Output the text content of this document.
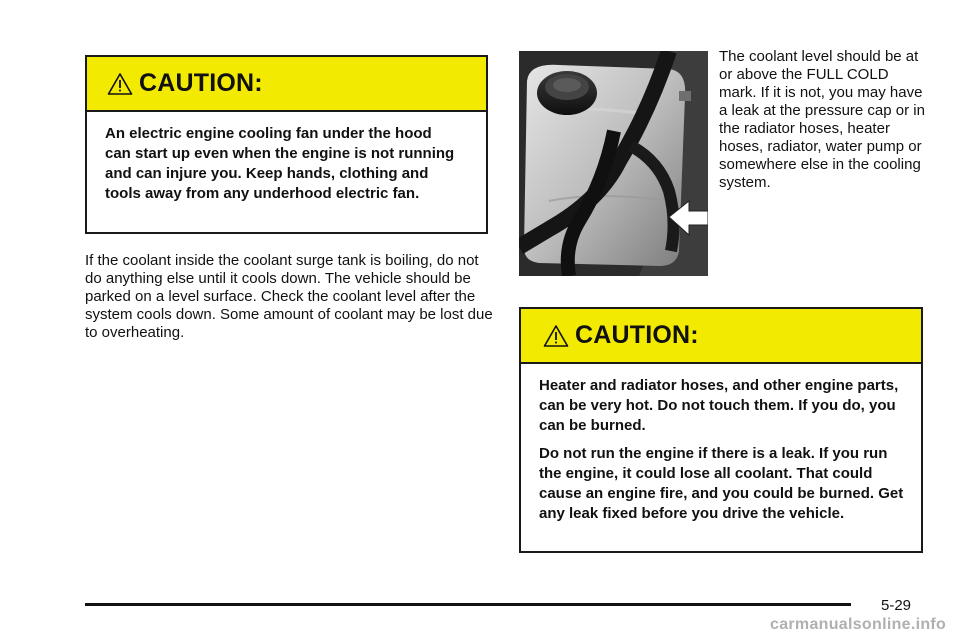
CAUTION:

An electric engine cooling fan under the hood can start up even when the engine is not running and can injure you. Keep hands, clothing and tools away from any underhood electric fan.

If the coolant inside the coolant surge tank is boiling, do not do anything else until it cools down. The vehicle should be parked on a level surface. Check the coolant level after the system cools down. Some amount of coolant may be lost due to overheating.

The coolant level should be at or above the FULL COLD mark. If it is not, you may have a leak at the pressure cap or in the radiator hoses, heater hoses, radiator, water pump or somewhere else in the cooling system.

CAUTION:

Heater and radiator hoses, and other engine parts, can be very hot. Do not touch them. If you do, you can be burned.

Do not run the engine if there is a leak. If you run the engine, it could lose all coolant. That could cause an engine fire, and you could be burned. Get any leak fixed before you drive the vehicle.

5-29
carmanualsonline.info
